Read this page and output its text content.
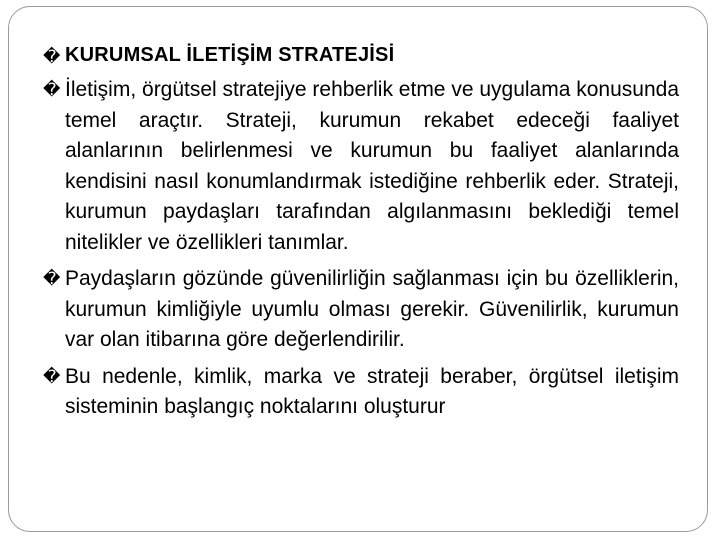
� KURUMSAL İLETİŞİM STRATEJİSİ
� İletişim, örgütsel stratejiye rehberlik etme ve uygulama konusunda temel araçtır. Strateji, kurumun rekabet edeceği faaliyet alanlarının belirlenmesi ve kurumun bu faaliyet alanlarında kendisini nasıl konumlandırmak istediğine rehberlik eder. Strateji, kurumun paydaşları tarafından algılanmasını beklediği temel nitelikler ve özellikleri tanımlar.
� Paydaşların gözünde güvenilirliğin sağlanması için bu özelliklerin, kurumun kimliğiyle uyumlu olması gerekir. Güvenilirlik, kurumun var olan itibarına göre değerlendirilir.
� Bu nedenle, kimlik, marka ve strateji beraber, örgütsel iletişim sisteminin başlangıç noktalarını oluşturur
